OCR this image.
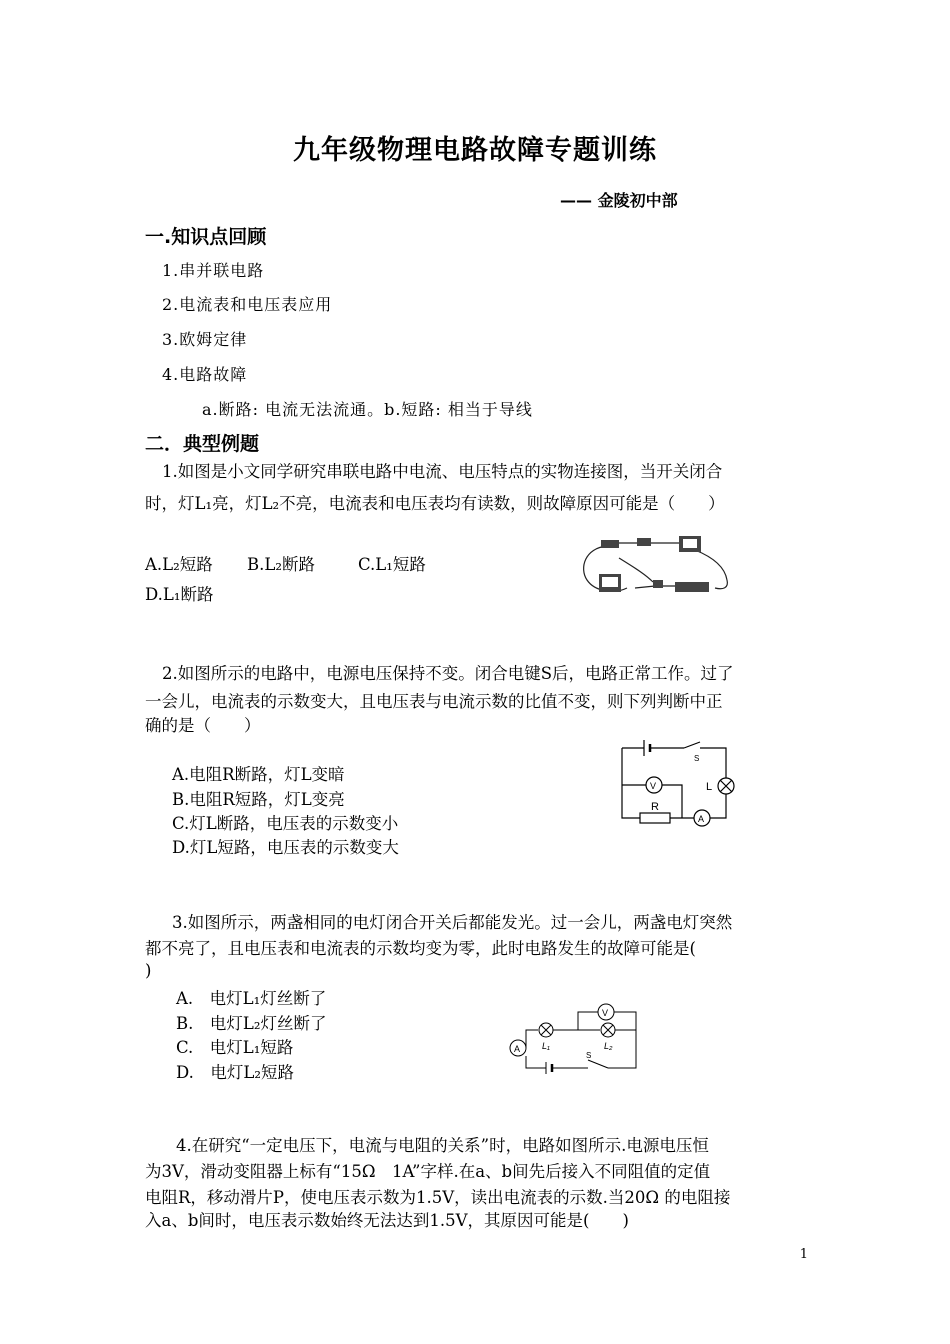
九年级物理电路故障专题训练
—— 金陵初中部
一.知识点回顾
1.串并联电路
2.电流表和电压表应用
3.欧姆定律
4.电路故障
a.断路: 电流无法流通。b.短路: 相当于导线
二．典型例题
1.如图是小文同学研究串联电路中电流、电压特点的实物连接图，当开关闭合
时，灯L₁亮，灯L₂不亮，电流表和电压表均有读数，则故障原因可能是（　　）
A.L₂短路 B.L₂断路	C.L₁短路
D.L₁断路
2.如图所示的电路中，电源电压保持不变。闭合电键S后，电路正常工作。过了
一会儿，电流表的示数变大，且电压表与电流示数的比值不变，则下列判断中正
确的是（　　）
A.电阻R断路，灯L变暗
B.电阻R短路，灯L变亮
C.灯L断路，电压表的示数变小
D.灯L短路，电压表的示数变大
S
L
V
R
A
3.如图所示，两盏相同的电灯闭合开关后都能发光。过一会儿，两盏电灯突然
都不亮了，且电压表和电流表的示数均变为零，此时电路发生的故障可能是(
)
A.　电灯L₁灯丝断了
B.　电灯L₂灯丝断了
C.　电灯L₁短路
D.　电灯L₂短路
V
A L₁	L₂
S
4.在研究“一定电压下，电流与电阻的关系”时，电路如图所示.电源电压恒
为3V，滑动变阻器上标有“15Ω　1A”字样.在a、b间先后接入不同阻值的定值
电阻R，移动滑片P，使电压表示数为1.5V，读出电流表的示数.当20Ω 的电阻接
入a、b间时，电压表示数始终无法达到1.5V，其原因可能是(　　)
1
